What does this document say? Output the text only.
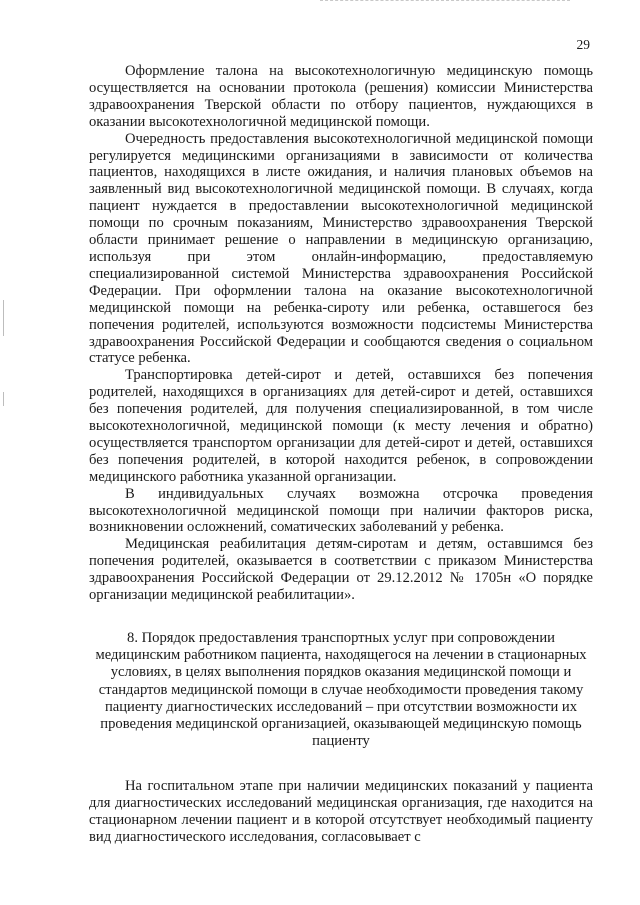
29

Оформление талона на высокотехнологичную медицинскую помощь осуществляется на основании протокола (решения) комиссии Министерства здравоохранения Тверской области по отбору пациентов, нуждающихся в оказании высокотехнологичной медицинской помощи.

Очередность предоставления высокотехнологичной медицинской помощи регулируется медицинскими организациями в зависимости от количества пациентов, находящихся в листе ожидания, и наличия плановых объемов на заявленный вид высокотехнологичной медицинской помощи. В случаях, когда пациент нуждается в предоставлении высокотехнологичной медицинской помощи по срочным показаниям, Министерство здравоохранения Тверской области принимает решение о направлении в медицинскую организацию, используя при этом онлайн-информацию, предоставляемую специализированной системой Министерства здравоохранения Российской Федерации. При оформлении талона на оказание высокотехнологичной медицинской помощи на ребенка-сироту или ребенка, оставшегося без попечения родителей, используются возможности подсистемы Министерства здравоохранения Российской Федерации и сообщаются сведения о социальном статусе ребенка.

Транспортировка детей-сирот и детей, оставшихся без попечения родителей, находящихся в организациях для детей-сирот и детей, оставшихся без попечения родителей, для получения специализированной, в том числе высокотехнологичной, медицинской помощи (к месту лечения и обратно) осуществляется транспортом организации для детей-сирот и детей, оставшихся без попечения родителей, в которой находится ребенок, в сопровождении медицинского работника указанной организации.

В индивидуальных случаях возможна отсрочка проведения высокотехнологичной медицинской помощи при наличии факторов риска, возникновении осложнений, соматических заболеваний у ребенка.

Медицинская реабилитация детям-сиротам и детям, оставшимся без попечения родителей, оказывается в соответствии с приказом Министерства здравоохранения Российской Федерации от 29.12.2012 № 1705н «О порядке организации медицинской реабилитации».

8. Порядок предоставления транспортных услуг при сопровождении медицинским работником пациента, находящегося на лечении в стационарных условиях, в целях выполнения порядков оказания медицинской помощи и стандартов медицинской помощи в случае необходимости проведения такому пациенту диагностических исследований – при отсутствии возможности их проведения медицинской организацией, оказывающей медицинскую помощь пациенту

На госпитальном этапе при наличии медицинских показаний у пациента для диагностических исследований медицинская организация, где находится на стационарном лечении пациент и в которой отсутствует необходимый пациенту вид диагностического исследования, согласовывает с
